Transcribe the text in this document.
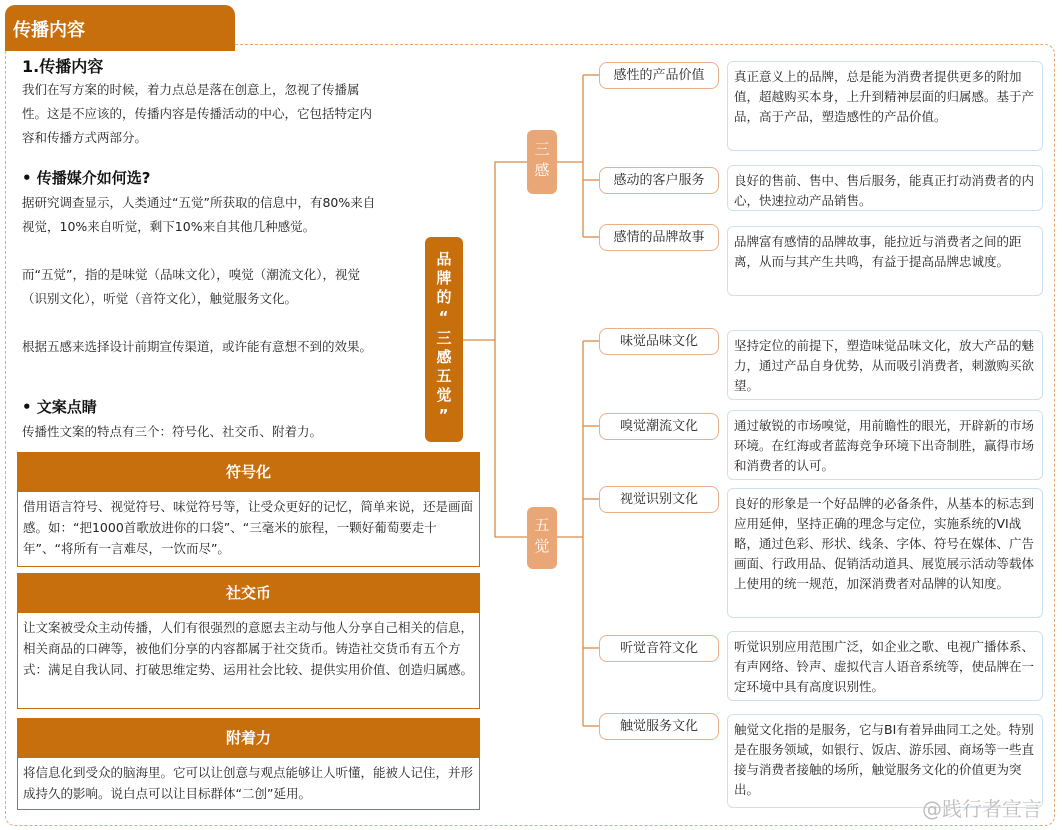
传播内容
1.传播内容
我们在写方案的时候，着力点总是落在创意上，忽视了传播属性。这是不应该的，传播内容是传播活动的中心，它包括特定内容和传播方式两部分。
• 传播媒介如何选?
据研究调查显示，人类通过“五觉”所获取的信息中，有80%来自视觉，10%来自听觉，剩下10%来自其他几种感觉。
而“五觉”，指的是味觉（品味文化），嗅觉（潮流文化），视觉（识别文化），听觉（音符文化），触觉服务文化。
根据五感来选择设计前期宣传渠道，或许能有意想不到的效果。
• 文案点睛
传播性文案的特点有三个：符号化、社交币、附着力。
符号化
借用语言符号、视觉符号、味觉符号等，让受众更好的记忆，简单来说，还是画面感。如：“把1000首歌放进你的口袋”、“三毫米的旅程，一颗好葡萄要走十年”、“将所有一言难尽，一饮而尽”。
社交币
让文案被受众主动传播，人们有很强烈的意愿去主动与他人分享自己相关的信息，相关商品的口碑等，被他们分享的内容都属于社交货币。铸造社交货币有五个方式：满足自我认同、打破思维定势、运用社会比较、提供实用价值、创造归属感。
附着力
将信息化到受众的脑海里。它可以让创意与观点能够让人听懂，能被人记住，并形成持久的影响。说白点可以让目标群体“二创”延用。
品牌的“三感五觉”
三感
五觉
感性的产品价值	真正意义上的品牌，总是能为消费者提供更多的附加值，超越购买本身，上升到精神层面的归属感。基于产品，高于产品，塑造感性的产品价值。
感动的客户服务	良好的售前、售中、售后服务，能真正打动消费者的内心，快速拉动产品销售。
感情的品牌故事	品牌富有感情的品牌故事，能拉近与消费者之间的距离，从而与其产生共鸣，有益于提高品牌忠诚度。
味觉品味文化	坚持定位的前提下，塑造味觉品味文化，放大产品的魅力，通过产品自身优势，从而吸引消费者，刺激购买欲望。
嗅觉潮流文化	通过敏锐的市场嗅觉，用前瞻性的眼光，开辟新的市场环境。在红海或者蓝海竞争环境下出奇制胜，赢得市场和消费者的认可。
视觉识别文化	良好的形象是一个好品牌的必备条件，从基本的标志到应用延伸，坚持正确的理念与定位，实施系统的VI战略，通过色彩、形状、线条、字体、符号在媒体、广告画面、行政用品、促销活动道具、展览展示活动等载体上使用的统一规范，加深消费者对品牌的认知度。
听觉音符文化	听觉识别应用范围广泛，如企业之歌、电视广播体系、有声网络、铃声、虚拟代言人语音系统等，使品牌在一定环境中具有高度识别性。
触觉服务文化	触觉文化指的是服务，它与BI有着异曲同工之处。特别是在服务领域，如银行、饭店、游乐园、商场等一些直接与消费者接触的场所，触觉服务文化的价值更为突出。
@践行者宣言
